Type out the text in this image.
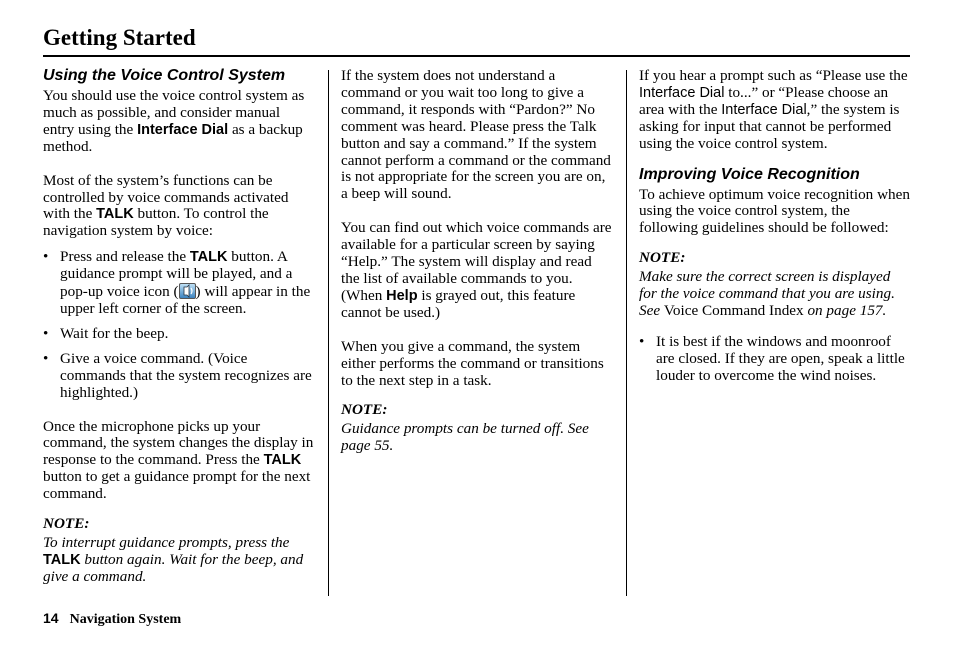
Getting Started
Using the Voice Control System

You should use the voice control system as much as possible, and consider manual entry using the Interface Dial as a backup method.

Most of the system’s functions can be controlled by voice commands activated with the TALK button. To control the navigation system by voice:

• Press and release the TALK button. A guidance prompt will be played, and a pop-up voice icon ( ) will appear in the upper left corner of the screen.
• Wait for the beep.
• Give a voice command. (Voice commands that the system recognizes are highlighted.)

Once the microphone picks up your command, the system changes the display in response to the command. Press the TALK button to get a guidance prompt for the next command.

NOTE:

To interrupt guidance prompts, press the TALK button again. Wait for the beep, and give a command.

If the system does not understand a command or you wait too long to give a command, it responds with “Pardon?” No comment was heard. Please press the Talk button and say a command.” If the system cannot perform a command or the command is not appropriate for the screen you are on, a beep will sound.

You can find out which voice commands are available for a particular screen by saying “Help.” The system will display and read the list of available commands to you. (When Help is grayed out, this feature cannot be used.)

When you give a command, the system either performs the command or transitions to the next step in a task.

NOTE:

Guidance prompts can be turned off. See page 55.

If you hear a prompt such as “Please use the Interface Dial to...” or “Please choose an area with the Interface Dial,” the system is asking for input that cannot be performed using the voice control system.

Improving Voice Recognition

To achieve optimum voice recognition when using the voice control system, the following guidelines should be followed:

NOTE:

Make sure the correct screen is displayed for the voice command that you are using. See Voice Command Index on page 157.

• It is best if the windows and moonroof are closed. If they are open, speak a little louder to overcome the wind noises.
14 Navigation System
